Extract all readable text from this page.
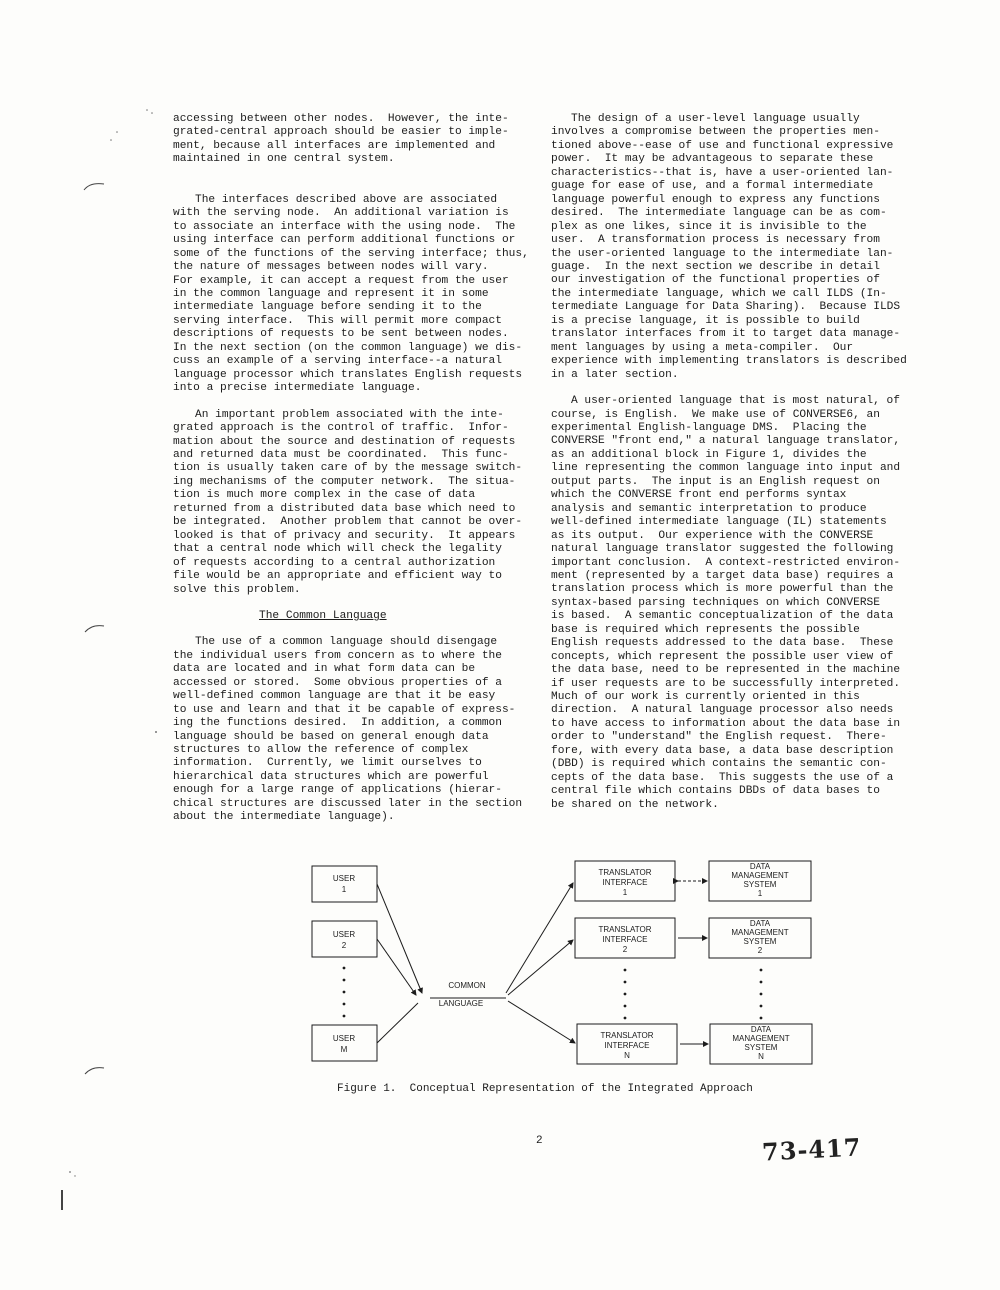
accessing between other nodes.  However, the inte-
grated-central approach should be easier to imple-
ment, because all interfaces are implemented and
maintained in one central system.
The interfaces described above are associated
with the serving node.  An additional variation is
to associate an interface with the using node.  The
using interface can perform additional functions or
some of the functions of the serving interface; thus,
the nature of messages between nodes will vary.
For example, it can accept a request from the user
in the common language and represent it in some
intermediate language before sending it to the
serving interface.  This will permit more compact
descriptions of requests to be sent between nodes.
In the next section (on the common language) we dis-
cuss an example of a serving interface--a natural
language processor which translates English requests
into a precise intermediate language.
An important problem associated with the inte-
grated approach is the control of traffic.  Infor-
mation about the source and destination of requests
and returned data must be coordinated.  This func-
tion is usually taken care of by the message switch-
ing mechanisms of the computer network.  The situa-
tion is much more complex in the case of data
returned from a distributed data base which need to
be integrated.  Another problem that cannot be over-
looked is that of privacy and security.  It appears
that a central node which will check the legality
of requests according to a central authorization
file would be an appropriate and efficient way to
solve this problem.

The Common Language

The use of a common language should disengage
the individual users from concern as to where the
data are located and in what form data can be
accessed or stored.  Some obvious properties of a
well-defined common language are that it be easy
to use and learn and that it be capable of express-
ing the functions desired.  In addition, a common
language should be based on general enough data
structures to allow the reference of complex
information.  Currently, we limit ourselves to
hierarchical data structures which are powerful
enough for a large range of applications (hierar-
chical structures are discussed later in the section
about the intermediate language).
The design of a user-level language usually
involves a compromise between the properties men-
tioned above--ease of use and functional expressive
power.  It may be advantageous to separate these
characteristics--that is, have a user-oriented lan-
guage for ease of use, and a formal intermediate
language powerful enough to express any functions
desired.  The intermediate language can be as com-
plex as one likes, since it is invisible to the
user.  A transformation process is necessary from
the user-oriented language to the intermediate lan-
guage.  In the next section we describe in detail
our investigation of the functional properties of
the intermediate language, which we call ILDS (In-
termediate Language for Data Sharing).  Because ILDS
is a precise language, it is possible to build
translator interfaces from it to target data manage-
ment languages by using a meta-compiler.  Our
experience with implementing translators is described
in a later section.
A user-oriented language that is most natural, of
course, is English.  We make use of CONVERSE6, an
experimental English-language DMS.  Placing the
CONVERSE "front end," a natural language translator,
as an additional block in Figure 1, divides the
line representing the common language into input and
output parts.  The input is an English request on
which the CONVERSE front end performs syntax
analysis and semantic interpretation to produce
well-defined intermediate language (IL) statements
as its output.  Our experience with the CONVERSE
natural language translator suggested the following
important conclusion.  A context-restricted environ-
ment (represented by a target data base) requires a
translation process which is more powerful than the
syntax-based parsing techniques on which CONVERSE
is based.  A semantic conceptualization of the data
base is required which represents the possible
English requests addressed to the data base.  These
concepts, which represent the possible user view of
the data base, need to be represented in the machine
if user requests are to be successfully interpreted.
Much of our work is currently oriented in this
direction.  A natural language processor also needs
to have access to information about the data base in
order to "understand" the English request.  There-
fore, with every data base, a data base description
(DBD) is required which contains the semantic con-
cepts of the data base.  This suggests the use of a
central file which contains DBDs of data bases to
be shared on the network.
USER
1
USER
2
USER
M
COMMON
LANGUAGE
TRANSLATOR
INTERFACE
1
TRANSLATOR
INTERFACE
2
TRANSLATOR
INTERFACE
N
DATA
MANAGEMENT
SYSTEM
1
DATA
MANAGEMENT
SYSTEM
2
DATA
MANAGEMENT
SYSTEM
N
Figure 1.  Conceptual Representation of the Integrated Approach
2	73-417
